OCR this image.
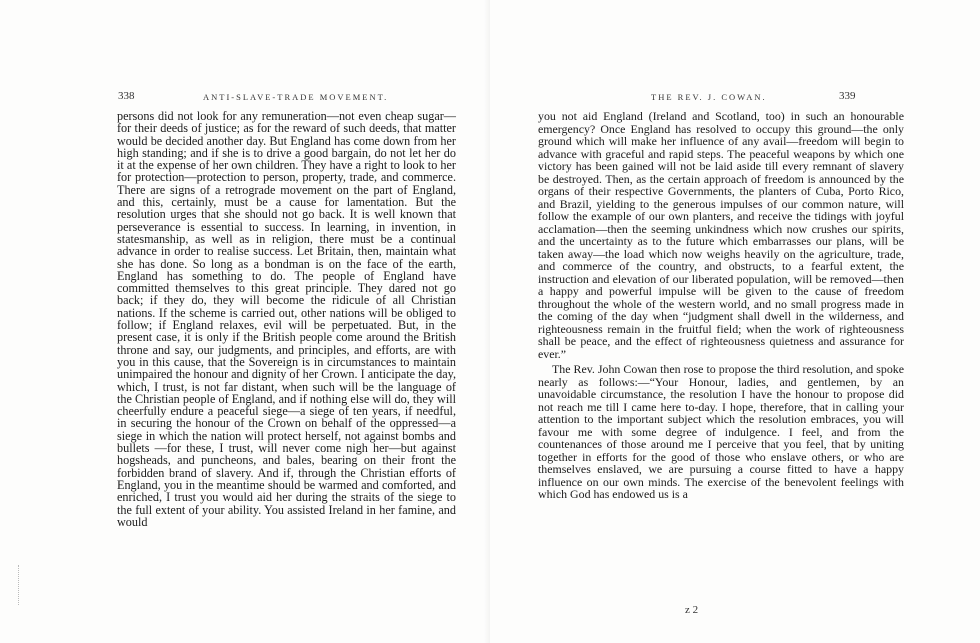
338	ANTI-SLAVE-TRADE MOVEMENT.

persons did not look for any remuneration—not even cheap sugar—for their deeds of justice; as for the reward of such deeds, that matter would be decided another day. But England has come down from her high standing; and if she is to drive a good bargain, do not let her do it at the expense of her own children. They have a right to look to her for protection—protection to person, property, trade, and commerce. There are signs of a retrograde movement on the part of England, and this, certainly, must be a cause for lamentation. But the resolution urges that she should not go back. It is well known that perseverance is essential to success. In learning, in invention, in statesmanship, as well as in religion, there must be a continual advance in order to realise success. Let Britain, then, maintain what she has done. So long as a bondman is on the face of the earth, England has something to do. The people of England have committed themselves to this great principle. They dared not go back; if they do, they will become the ridicule of all Christian nations. If the scheme is carried out, other nations will be obliged to follow; if England relaxes, evil will be perpetuated. But, in the present case, it is only if the British people come around the British throne and say, our judgments, and principles, and efforts, are with you in this cause, that the Sovereign is in circumstances to maintain unimpaired the honour and dignity of her Crown. I anticipate the day, which, I trust, is not far distant, when such will be the language of the Christian people of England, and if nothing else will do, they will cheerfully endure a peaceful siege—a siege of ten years, if needful, in securing the honour of the Crown on behalf of the oppressed—a siege in which the nation will protect herself, not against bombs and bullets —for these, I trust, will never come nigh her—but against hogsheads, and puncheons, and bales, bearing on their front the forbidden brand of slavery. And if, through the Christian efforts of England, you in the meantime should be warmed and comforted, and enriched, I trust you would aid her during the straits of the siege to the full extent of your ability. You assisted Ireland in her famine, and would

THE REV. J. COWAN.	339

you not aid England (Ireland and Scotland, too) in such an honourable emergency? Once England has resolved to occupy this ground—the only ground which will make her influence of any avail—freedom will begin to advance with graceful and rapid steps. The peaceful weapons by which one victory has been gained will not be laid aside till every remnant of slavery be destroyed. Then, as the certain approach of freedom is announced by the organs of their respective Governments, the planters of Cuba, Porto Rico, and Brazil, yielding to the generous impulses of our common nature, will follow the example of our own planters, and receive the tidings with joyful acclamation—then the seeming unkindness which now crushes our spirits, and the uncertainty as to the future which embarrasses our plans, will be taken away—the load which now weighs heavily on the agriculture, trade, and commerce of the country, and obstructs, to a fearful extent, the instruction and elevation of our liberated population, will be removed—then a happy and powerful impulse will be given to the cause of freedom throughout the whole of the western world, and no small progress made in the coming of the day when “judgment shall dwell in the wilderness, and righteousness remain in the fruitful field; when the work of righteousness shall be peace, and the effect of righteousness quietness and assurance for ever.”

The Rev. John Cowan then rose to propose the third resolution, and spoke nearly as follows:—“Your Honour, ladies, and gentlemen, by an unavoidable circumstance, the resolution I have the honour to propose did not reach me till I came here to-day. I hope, therefore, that in calling your attention to the important subject which the resolution embraces, you will favour me with some degree of indulgence. I feel, and from the countenances of those around me I perceive that you feel, that by uniting together in efforts for the good of those who enslave others, or who are themselves enslaved, we are pursuing a course fitted to have a happy influence on our own minds. The exercise of the benevolent feelings with which God has endowed us is a

z 2
